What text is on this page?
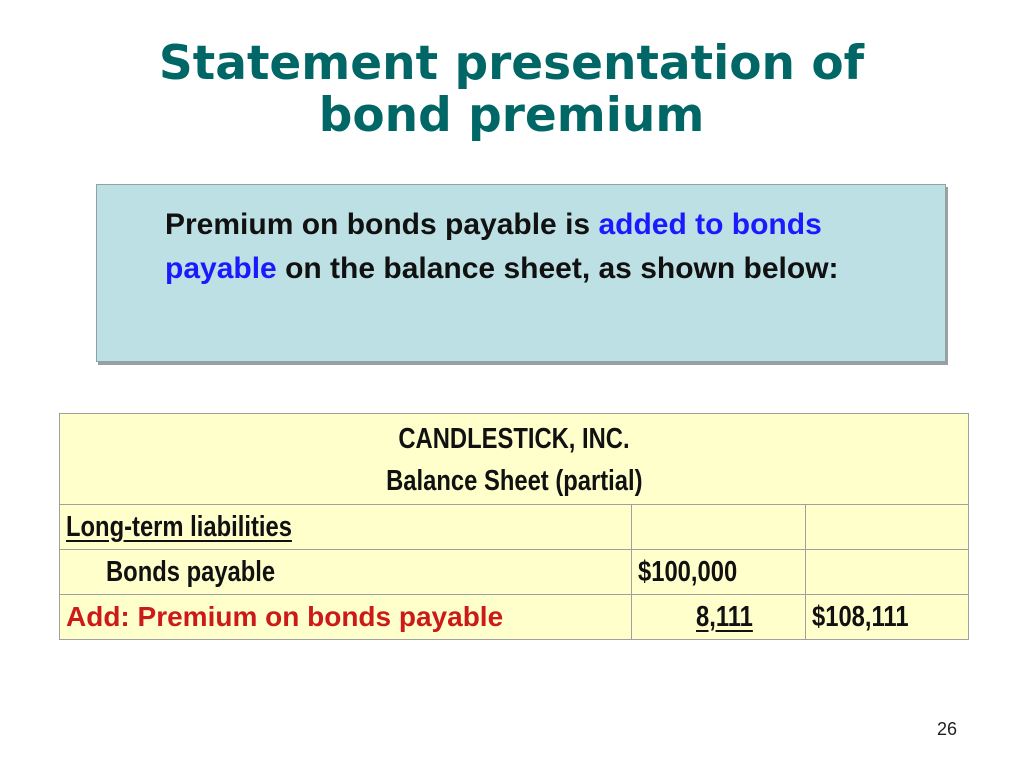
Statement presentation of
bond premium
Premium on bonds payable is added to bonds payable on the balance sheet, as shown below:
CANDLESTICK, INC.
Balance Sheet (partial)		

Long-term liabilities		
Bonds payable	$100,000	
Add: Premium on bonds payable	8,111	$108,111
26
